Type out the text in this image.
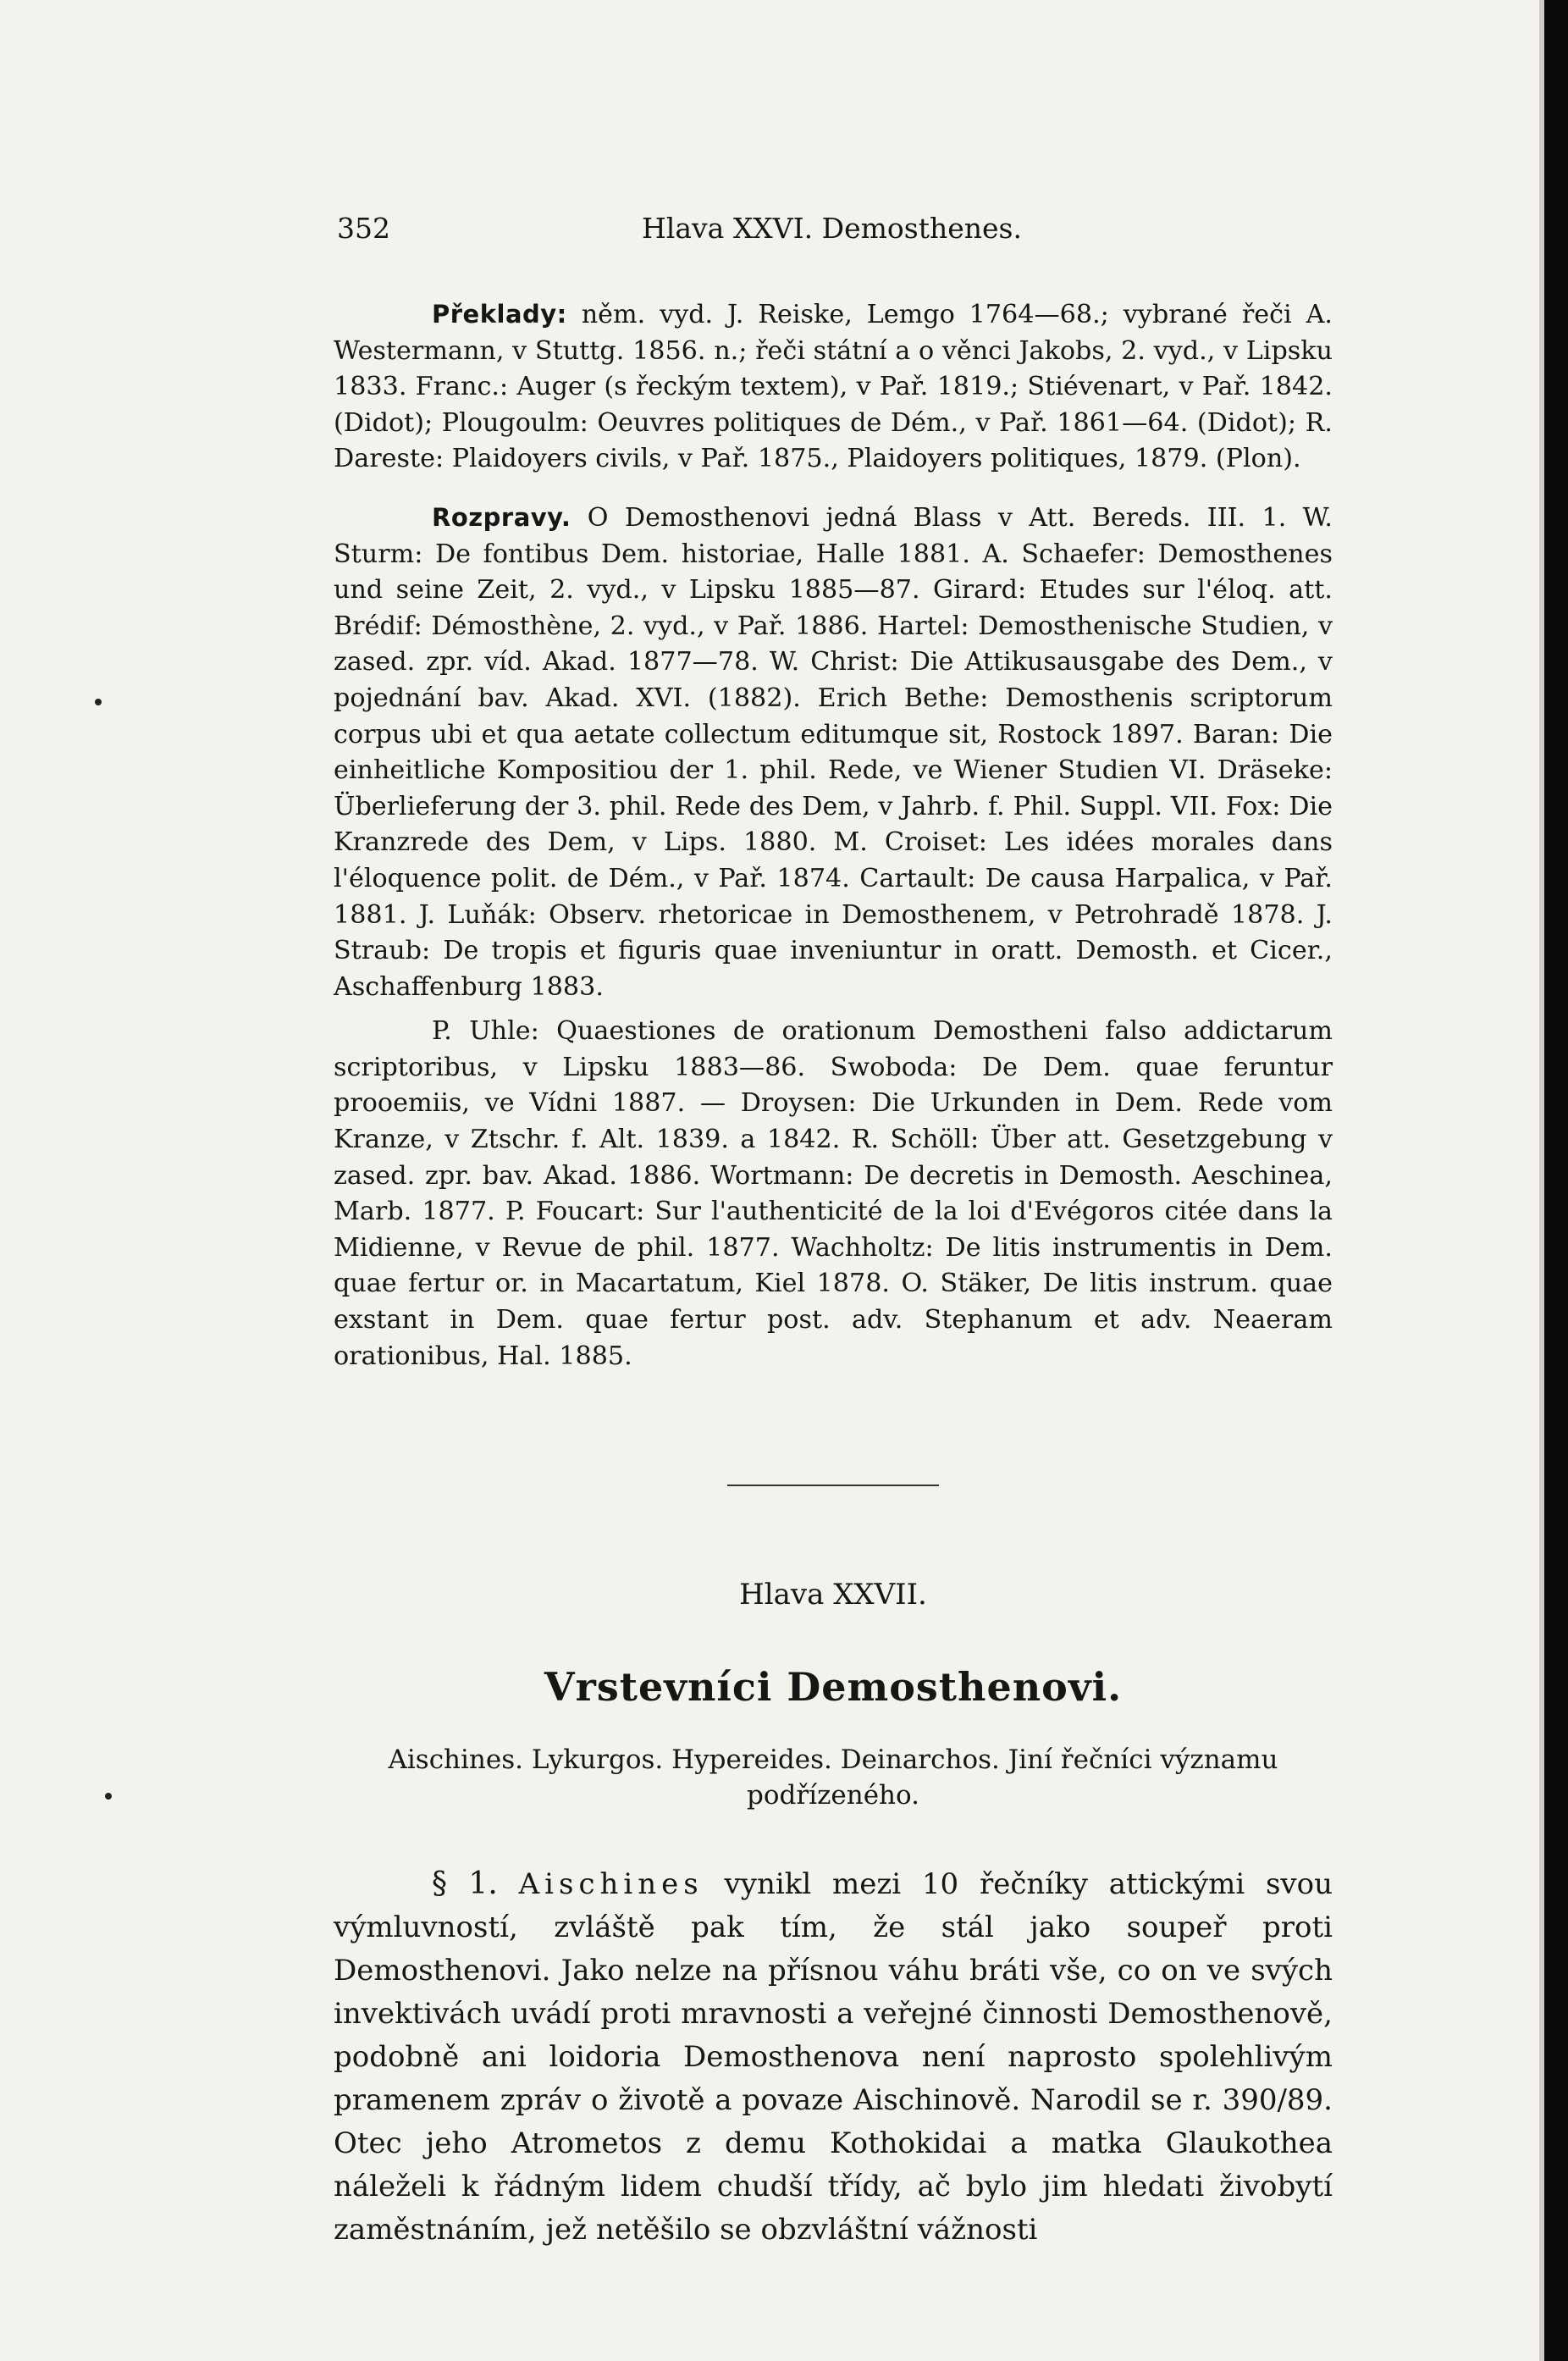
352	Hlava XXVI. Demosthenes.

Překlady: něm. vyd. J. Reiske, Lemgo 1764—68.; vybrané řeči A. Westermann, v Stuttg. 1856. n.; řeči státní a o věnci Jakobs, 2. vyd., v Lipsku 1833. Franc.: Auger (s řeckým textem), v Pař. 1819.; Stiévenart, v Pař. 1842. (Didot); Plougoulm: Oeuvres politiques de Dém., v Pař. 1861—64. (Didot); R. Dareste: Plaidoyers civils, v Pař. 1875., Plaidoyers politiques, 1879. (Plon).

Rozpravy. O Demosthenovi jedná Blass v Att. Bereds. III. 1. W. Sturm: De fontibus Dem. historiae, Halle 1881. A. Schaefer: Demosthenes und seine Zeit, 2. vyd., v Lipsku 1885—87. Girard: Etudes sur l'éloq. att. Brédif: Démosthène, 2. vyd., v Pař. 1886. Hartel: Demosthenische Studien, v zased. zpr. víd. Akad. 1877—78. W. Christ: Die Attikusausgabe des Dem., v pojednání bav. Akad. XVI. (1882). Erich Bethe: Demosthenis scriptorum corpus ubi et qua aetate collectum editumque sit, Rostock 1897. Baran: Die einheitliche Kompositiou der 1. phil. Rede, ve Wiener Studien VI. Dräseke: Überlieferung der 3. phil. Rede des Dem, v Jahrb. f. Phil. Suppl. VII. Fox: Die Kranzrede des Dem, v Lips. 1880. M. Croiset: Les idées morales dans l'éloquence polit. de Dém., v Pař. 1874. Cartault: De causa Harpalica, v Pař. 1881. J. Luňák: Observ. rhetoricae in Demosthenem, v Petrohradě 1878. J. Straub: De tropis et figuris quae inveniuntur in oratt. Demosth. et Cicer., Aschaffenburg 1883.

P. Uhle: Quaestiones de orationum Demostheni falso addictarum scriptoribus, v Lipsku 1883—86. Swoboda: De Dem. quae feruntur prooemiis, ve Vídni 1887. — Droysen: Die Urkunden in Dem. Rede vom Kranze, v Ztschr. f. Alt. 1839. a 1842. R. Schöll: Über att. Gesetzgebung v zased. zpr. bav. Akad. 1886. Wortmann: De decretis in Demosth. Aeschinea, Marb. 1877. P. Foucart: Sur l'authenticité de la loi d'Evégoros citée dans la Midienne, v Revue de phil. 1877. Wachholtz: De litis instrumentis in Dem. quae fertur or. in Macartatum, Kiel 1878. O. Stäker, De litis instrum. quae exstant in Dem. quae fertur post. adv. Stephanum et adv. Neaeram orationibus, Hal. 1885.

Hlava XXVII.
Vrstevníci Demosthenovi.
Aischines. Lykurgos. Hypereides. Deinarchos. Jiní řečníci významu podřízeného.

§ 1. Aischines vynikl mezi 10 řečníky attickými svou výmluvností, zvláště pak tím, že stál jako soupeř proti Demosthenovi. Jako nelze na přísnou váhu bráti vše, co on ve svých invektivách uvádí proti mravnosti a veřejné činnosti Demosthenově, podobně ani loidoria Demosthenova není naprosto spolehlivým pramenem zpráv o životě a povaze Aischinově. Narodil se r. 390/89. Otec jeho Atrometos z demu Kothokidai a matka Glaukothea náleželi k řádným lidem chudší třídy, ač bylo jim hledati živobytí zaměstnáním, jež netěšilo se obzvláštní vážnosti
